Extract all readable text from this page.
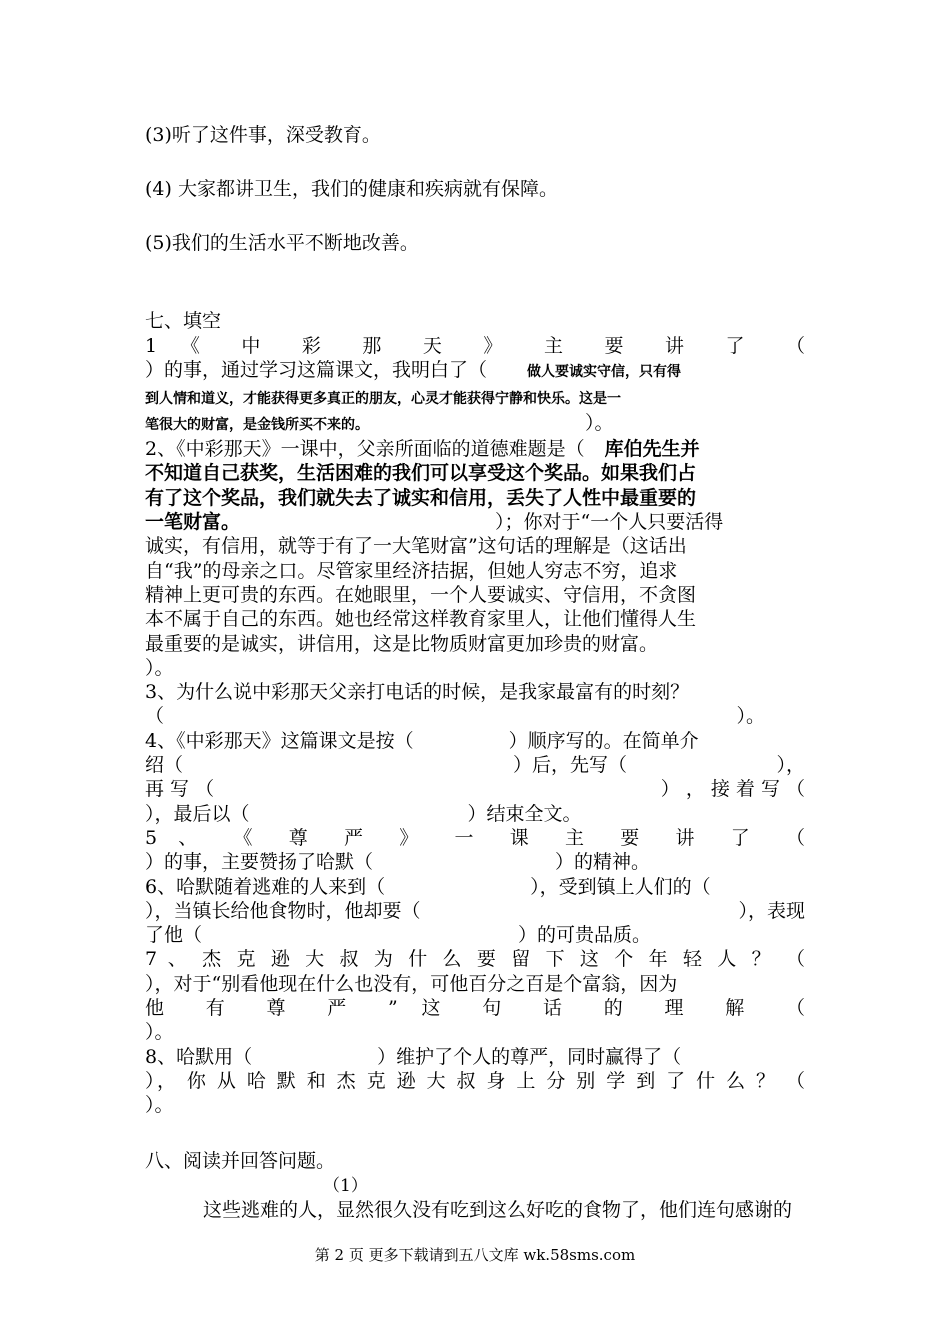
(3)听了这件事，深受教育。

(4) 大家都讲卫生，我们的健康和疾病就有保障。

(5)我们的生活水平不断地改善。

七、填空

1 《 中 彩 那 天 》 主 要 讲 了 （

）的事，通过学习这篇课文，我明白了（	做人要诚实守信，只有得

到人情和道义，才能获得更多真正的朋友，心灵才能获得宁静和快乐。这是一

笔很大的财富，是金钱所买不来的。	）。

2、《中彩那天》一课中，父亲所面临的道德难题是（ 库伯先生并

不知道自己获奖，生活困难的我们可以享受这个奖品。如果我们占

有了这个奖品，我们就失去了诚实和信用，丢失了人性中最重要的

一笔财富。	）；你对于“一个人只要活得

诚实，有信用，就等于有了一大笔财富”这句话的理解是（这话出

自“我”的母亲之口。尽管家里经济拮据，但她人穷志不穷，追求

精神上更可贵的东西。在她眼里，一个人要诚实、守信用，不贪图

本不属于自己的东西。她也经常这样教育家里人，让他们懂得人生

最重要的是诚实，讲信用，这是比物质财富更加珍贵的财富。

）。

3、为什么说中彩那天父亲打电话的时候，是我家最富有的时刻？

（	）。

4、《中彩那天》这篇课文是按（	）顺序写的。在简单介

绍（	）后，先写（	），

再 写 （	） ， 接 着 写 （

），最后以（	）结束全文。

5 、 《 尊 严 》 一 课 主 要 讲 了 （

）的事，主要赞扬了哈默（	）的精神。

6、哈默随着逃难的人来到（	），受到镇上人们的（

），当镇长给他食物时，他却要（	），表现

了他（	）的可贵品质。

7 、 杰 克 逊 大 叔 为 什 么 要 留 下 这 个 年 轻 人 ？ （

），对于“别看他现在什么也没有，可他百分之百是个富翁，因为

他 有 尊 严 ” 这 句 话 的 理 解 （

）。

8、哈默用（	）维护了个人的尊严，同时赢得了（

）， 你 从 哈 默 和 杰 克 逊 大 叔 身 上 分 别 学 到 了 什 么 ？ （

）。

八、阅读并回答问题。

（1）

这些逃难的人，显然很久没有吃到这么好吃的食物了，他们连句感谢的

第 2 页 更多下载请到五八文库 wk.58sms.com
